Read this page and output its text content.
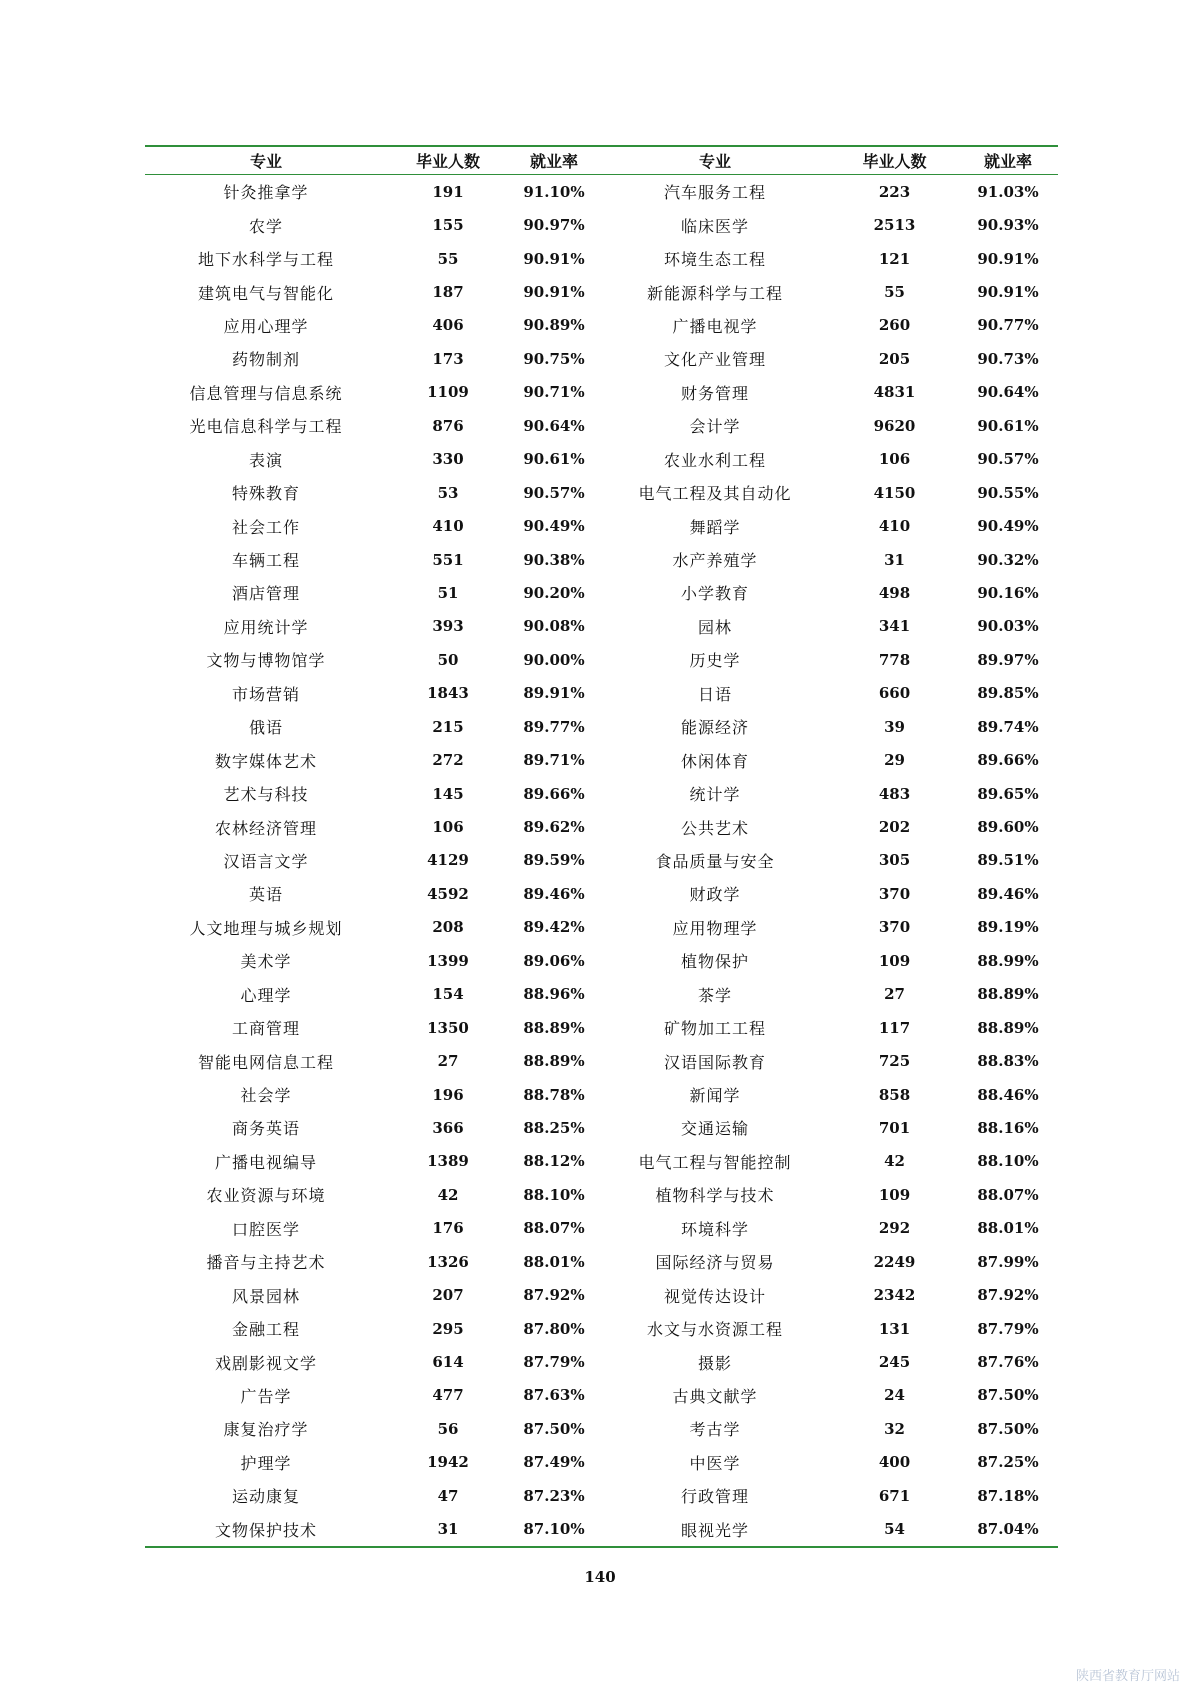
专业	毕业人数	就业率	专业	毕业人数	就业率
针灸推拿学	191	91.10%	汽车服务工程	223	91.03%
农学	155	90.97%	临床医学	2513	90.93%
地下水科学与工程	55	90.91%	环境生态工程	121	90.91%
建筑电气与智能化	187	90.91%	新能源科学与工程	55	90.91%
应用心理学	406	90.89%	广播电视学	260	90.77%
药物制剂	173	90.75%	文化产业管理	205	90.73%
信息管理与信息系统	1109	90.71%	财务管理	4831	90.64%
光电信息科学与工程	876	90.64%	会计学	9620	90.61%
表演	330	90.61%	农业水利工程	106	90.57%
特殊教育	53	90.57%	电气工程及其自动化	4150	90.55%
社会工作	410	90.49%	舞蹈学	410	90.49%
车辆工程	551	90.38%	水产养殖学	31	90.32%
酒店管理	51	90.20%	小学教育	498	90.16%
应用统计学	393	90.08%	园林	341	90.03%
文物与博物馆学	50	90.00%	历史学	778	89.97%
市场营销	1843	89.91%	日语	660	89.85%
俄语	215	89.77%	能源经济	39	89.74%
数字媒体艺术	272	89.71%	休闲体育	29	89.66%
艺术与科技	145	89.66%	统计学	483	89.65%
农林经济管理	106	89.62%	公共艺术	202	89.60%
汉语言文学	4129	89.59%	食品质量与安全	305	89.51%
英语	4592	89.46%	财政学	370	89.46%
人文地理与城乡规划	208	89.42%	应用物理学	370	89.19%
美术学	1399	89.06%	植物保护	109	88.99%
心理学	154	88.96%	茶学	27	88.89%
工商管理	1350	88.89%	矿物加工工程	117	88.89%
智能电网信息工程	27	88.89%	汉语国际教育	725	88.83%
社会学	196	88.78%	新闻学	858	88.46%
商务英语	366	88.25%	交通运输	701	88.16%
广播电视编导	1389	88.12%	电气工程与智能控制	42	88.10%
农业资源与环境	42	88.10%	植物科学与技术	109	88.07%
口腔医学	176	88.07%	环境科学	292	88.01%
播音与主持艺术	1326	88.01%	国际经济与贸易	2249	87.99%
风景园林	207	87.92%	视觉传达设计	2342	87.92%
金融工程	295	87.80%	水文与水资源工程	131	87.79%
戏剧影视文学	614	87.79%	摄影	245	87.76%
广告学	477	87.63%	古典文献学	24	87.50%
康复治疗学	56	87.50%	考古学	32	87.50%
护理学	1942	87.49%	中医学	400	87.25%
运动康复	47	87.23%	行政管理	671	87.18%
文物保护技术	31	87.10%	眼视光学	54	87.04%
140
陕西省教育厅网站
